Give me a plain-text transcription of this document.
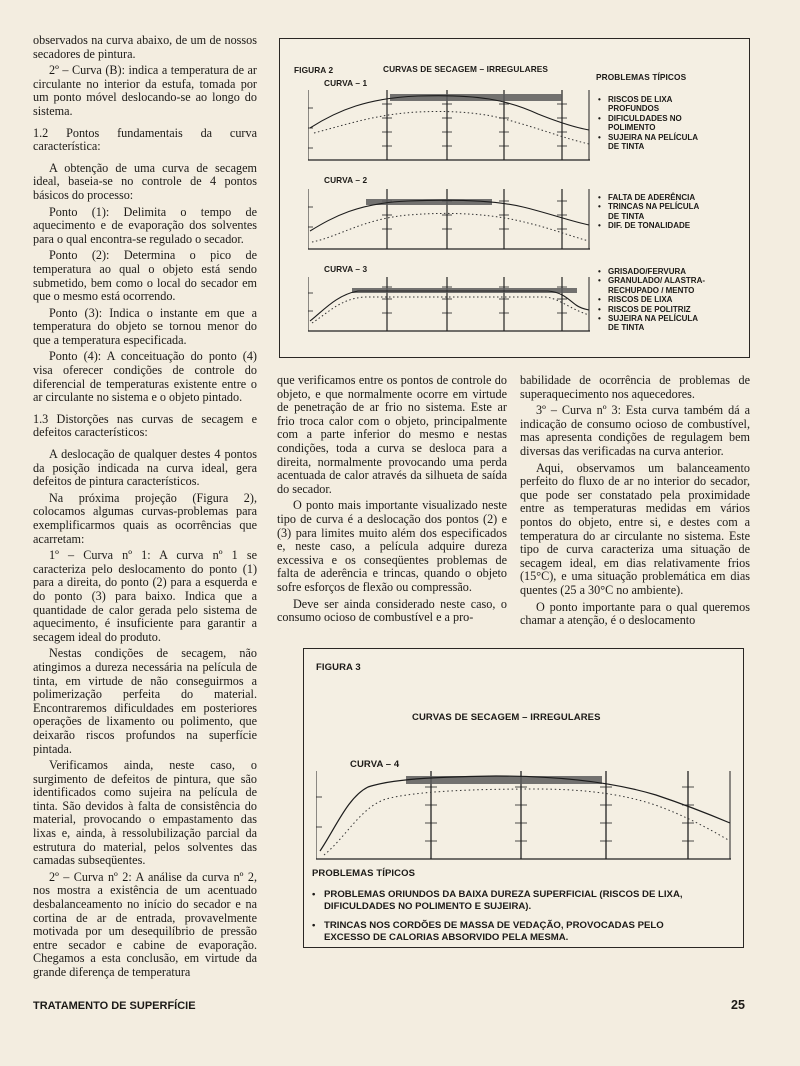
observados na curva abaixo, de um de nossos secadores de pintura.

2º – Curva (B): indica a temperatura de ar circulante no interior da estufa, tomada por um ponto móvel deslocando-se ao longo do sistema.

1.2 Pontos fundamentais da curva característica:

A obtenção de uma curva de secagem ideal, baseia-se no controle de 4 pontos básicos do processo:

Ponto (1): Delimita o tempo de aquecimento e de evaporação dos solventes para o qual encontra-se regulado o secador.

Ponto (2): Determina o pico de temperatura ao qual o objeto está sendo submetido, bem como o local do secador em que o mesmo está ocorrendo.

Ponto (3): Indica o instante em que a temperatura do objeto se tornou menor do que a temperatura especificada.

Ponto (4): A conceituação do ponto (4) visa oferecer condições de controle do diferencial de temperaturas existente entre o ar circulante no sistema e o objeto pintado.

1.3 Distorções nas curvas de secagem e defeitos característicos:

A deslocação de qualquer destes 4 pontos da posição indicada na curva ideal, gera defeitos de pintura característicos.

Na próxima projeção (Figura 2), colocamos algumas curvas-problemas para exemplificarmos quais as ocorrências que acarretam:

1º – Curva nº 1: A curva nº 1 se caracteriza pelo deslocamento do ponto (1) para a direita, do ponto (2) para a esquerda e do ponto (3) para baixo. Indica que a quantidade de calor gerada pelo sistema de aquecimento, é insuficiente para garantir a secagem ideal do produto.

Nestas condições de secagem, não atingimos a dureza necessária na película de tinta, em virtude de não conseguirmos a polimerização perfeita do material. Encontraremos dificuldades em posteriores operações de lixamento ou polimento, que deixarão riscos profundos na superfície pintada.

Verificamos ainda, neste caso, o surgimento de defeitos de pintura, que são identificados como sujeira na película de tinta. São devidos à falta de consistência do material, provocando o empastamento das lixas e, ainda, à ressolubilização parcial da estrutura do material, pelos solventes das camadas subseqüentes.

2º – Curva nº 2: A análise da curva nº 2, nos mostra a existência de um acentuado desbalanceamento no início do secador e na cortina de ar de entrada, provavelmente motivada por um desequilíbrio de pressão entre secador e cabine de evaporação. Chegamos a esta conclusão, em virtude da grande diferença de temperatura

FIGURA 2	CURVAS DE SECAGEM – IRREGULARES
PROBLEMAS TÍPICOS
CURVA – 1
CURVA – 2
CURVA – 3
• RISCOS DE LIXA
PROFUNDOS
• DIFICULDADES NO
POLIMENTO
• SUJEIRA NA PELÍCULA
DE TINTA
• FALTA DE ADERÊNCIA
• TRINCAS NA PELÍCULA
DE TINTA
• DIF. DE TONALIDADE
• GRISADO/FERVURA
• GRANULADO/ ALASTRA-
RECHUPADO / MENTO
• RISCOS DE LIXA
• RISCOS DE POLITRIZ
• SUJEIRA NA PELÍCULA
DE TINTA

que verificamos entre os pontos de controle do objeto, e que normalmente ocorre em virtude de penetração de ar frio no sistema. Este ar frio troca calor com o objeto, principalmente com a parte inferior do mesmo e nestas condições, toda a curva se desloca para a direita, normalmente provocando uma perda acentuada de calor através da silhueta de saída do secador.

O ponto mais importante visualizado neste tipo de curva é a deslocação dos pontos (2) e (3) para limites muito além dos especificados e, neste caso, a película adquire dureza excessiva e os conseqüentes problemas de falta de aderência e trincas, quando o objeto sofre esforços de flexão ou compressão.

Deve ser ainda considerado neste caso, o consumo ocioso de combustível e a pro-

babilidade de ocorrência de problemas de superaquecimento nos aquecedores.

3º – Curva nº 3: Esta curva também dá a indicação de consumo ocioso de combustível, mas apresenta condições de regulagem bem diversas das verificadas na curva anterior.

Aqui, observamos um balanceamento perfeito do fluxo de ar no interior do secador, que pode ser constatado pela proximidade entre as temperaturas medidas em vários pontos do objeto, entre si, e destes com a temperatura do ar circulante no sistema. Este tipo de curva caracteriza uma situação de secagem ideal, em dias relativamente frios (15°C), e uma situação problemática em dias quentes (25 a 30°C no ambiente).

O ponto importante para o qual queremos chamar a atenção, é o deslocamento

FIGURA 3
CURVAS DE SECAGEM – IRREGULARES
CURVA – 4
PROBLEMAS TÍPICOS
• PROBLEMAS ORIUNDOS DA BAIXA DUREZA SUPERFICIAL (RISCOS DE LIXA, DIFICULDADES NO POLIMENTO E SUJEIRA).
• TRINCAS NOS CORDÕES DE MASSA DE VEDAÇÃO, PROVOCADAS PELO EXCESSO DE CALORIAS ABSORVIDO PELA MESMA.
TRATAMENTO DE SUPERFÍCIE	25
